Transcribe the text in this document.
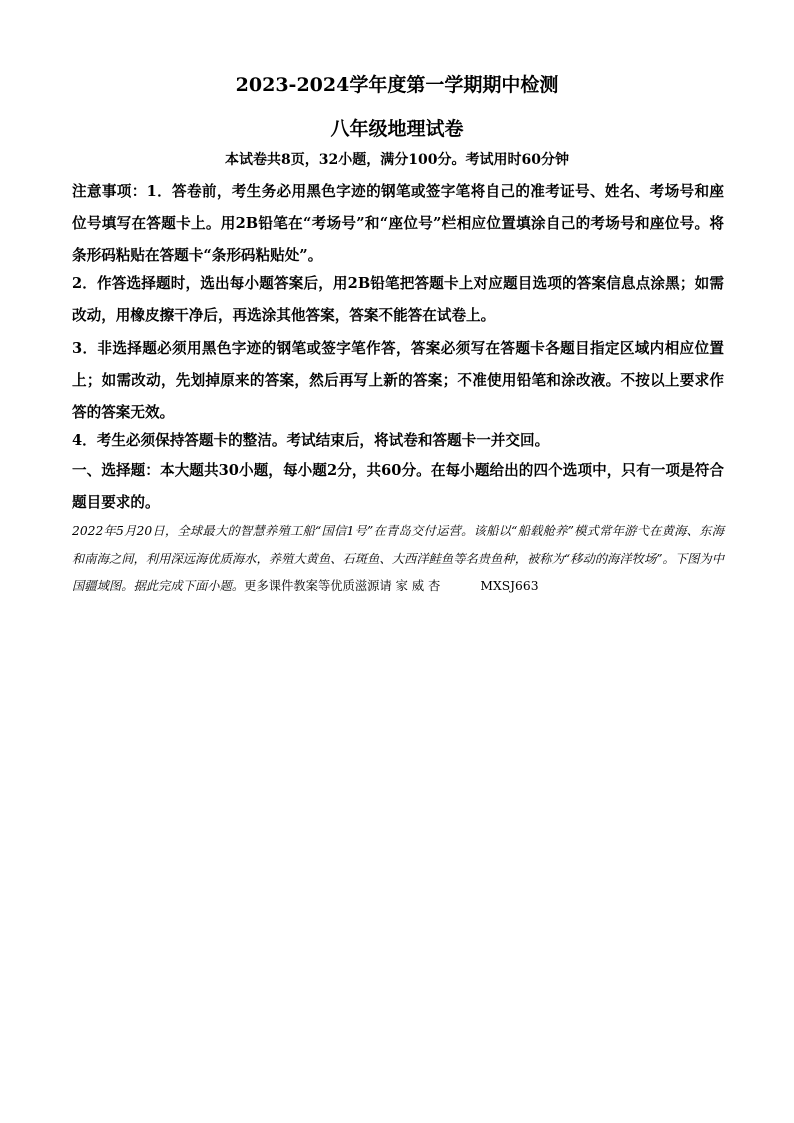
2023-2024学年度第一学期期中检测
八年级地理试卷
本试卷共8页，32小题，满分100分。考试用时60分钟
注意事项：1．答卷前，考生务必用黑色字迹的钢笔或签字笔将自己的准考证号、姓名、考场号和座位号填写在答题卡上。用2B铅笔在“考场号”和“座位号”栏相应位置填涂自己的考场号和座位号。将条形码粘贴在答题卡“条形码粘贴处”。
2．作答选择题时，选出每小题答案后，用2B铅笔把答题卡上对应题目选项的答案信息点涂黑；如需改动，用橡皮擦干净后，再选涂其他答案，答案不能答在试卷上。
3．非选择题必须用黑色字迹的钢笔或签字笔作答，答案必须写在答题卡各题目指定区域内相应位置上；如需改动，先划掉原来的答案，然后再写上新的答案；不准使用铅笔和涂改液。不按以上要求作答的答案无效。
4．考生必须保持答题卡的整洁。考试结束后，将试卷和答题卡一并交回。
一、选择题：本大题共30小题，每小题2分，共60分。在每小题给出的四个选项中，只有一项是符合题目要求的。
2022年5月20日，全球最大的智慧养殖工船“国信1号”在青岛交付运营。该船以“船载舱养”模式常年游弋在黄海、东海和南海之间，利用深远海优质海水，养殖大黄鱼、石斑鱼、大西洋鲑鱼等名贵鱼种，被称为“移动的海洋牧场”。下图为中国疆域图。据此完成下面小题。更多课件教案等优质滋源请 家 威 杏	MXSJ663
